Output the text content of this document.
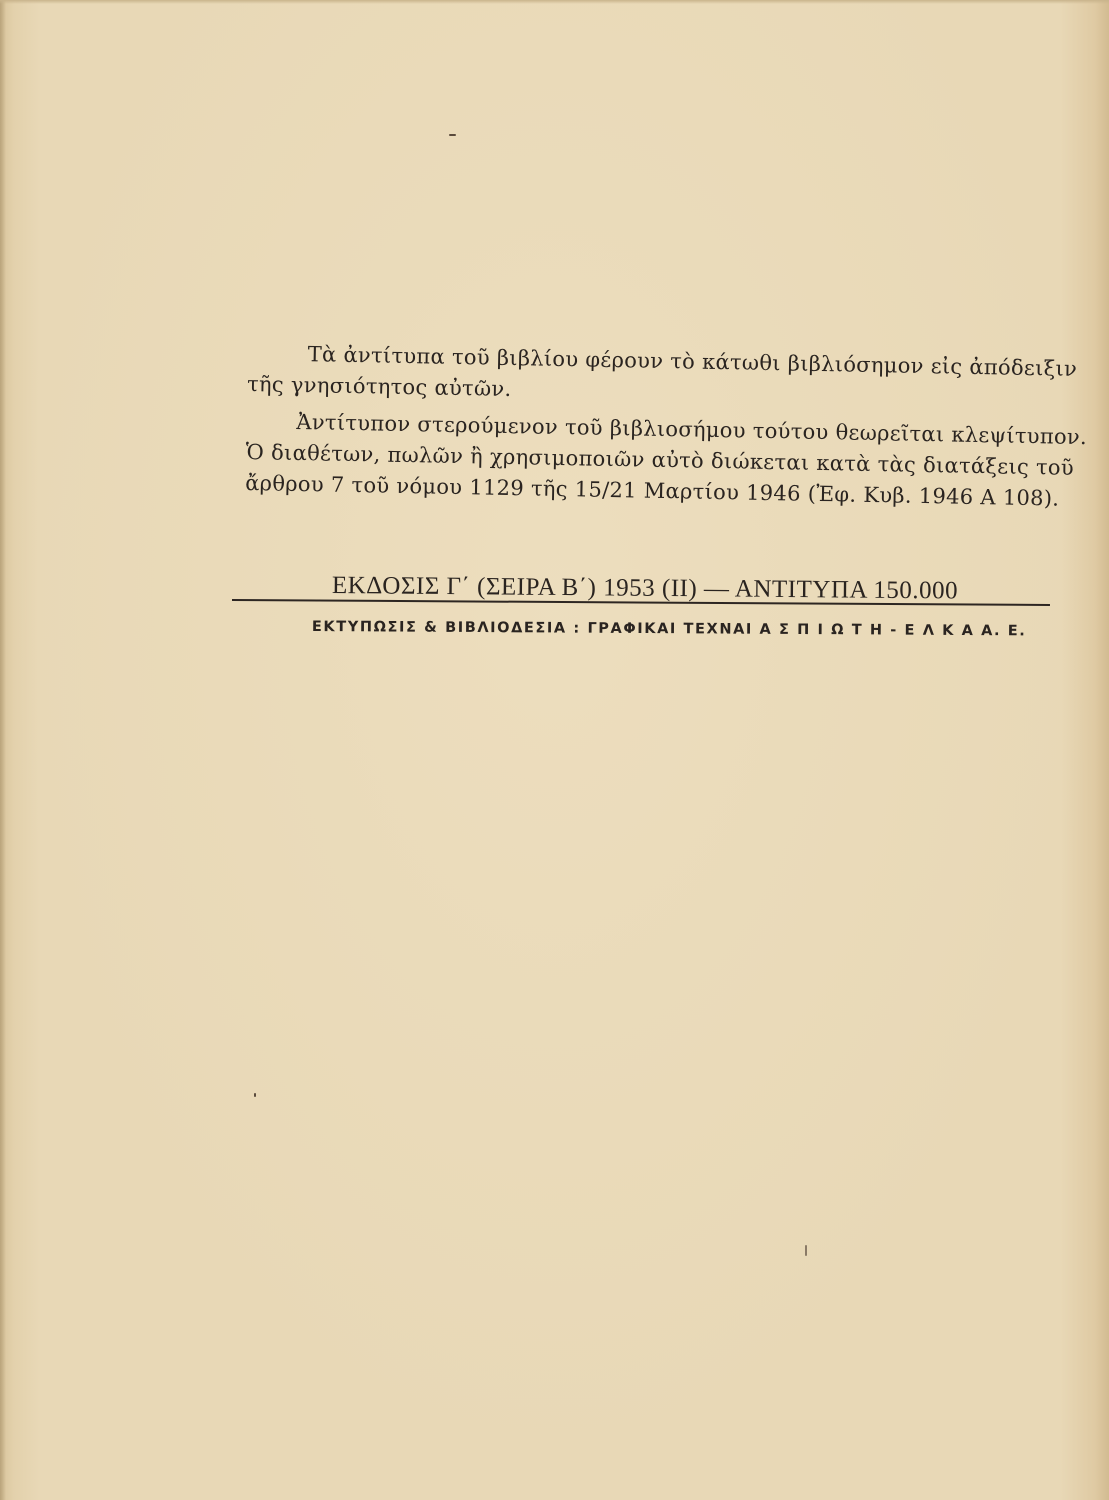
Τὰ ἀντίτυπα τοῦ βιβλίου φέρουν τὸ κάτωθι βιβλιόσημον εἰς ἀπόδειξιν

τῆς γνησιότητος αὐτῶν.

Ἀντίτυπον στερούμενον τοῦ βιβλιοσήμου τούτου θεωρεῖται κλεψίτυπον.

Ὁ διαθέτων, πωλῶν ἢ χρησιμοποιῶν αὐτὸ διώκεται κατὰ τὰς διατάξεις τοῦ

ἄρθρου 7 τοῦ νόμου 1129 τῆς 15/21 Μαρτίου 1946 (Ἐφ. Κυβ. 1946 Α 108).

ΕΚΔΟΣΙΣ Γ΄ (ΣΕΙΡΑ Β΄) 1953 (ΙΙ) — ΑΝΤΙΤΥΠΑ 150.000
ΕΚΤΥΠΩΣΙΣ & ΒΙΒΛΙΟΔΕΣΙΑ : ΓΡΑΦΙΚΑΙ ΤΕΧΝΑΙ Α Σ Π Ι Ω Τ Η - Ε Λ Κ Α Α. Ε.
